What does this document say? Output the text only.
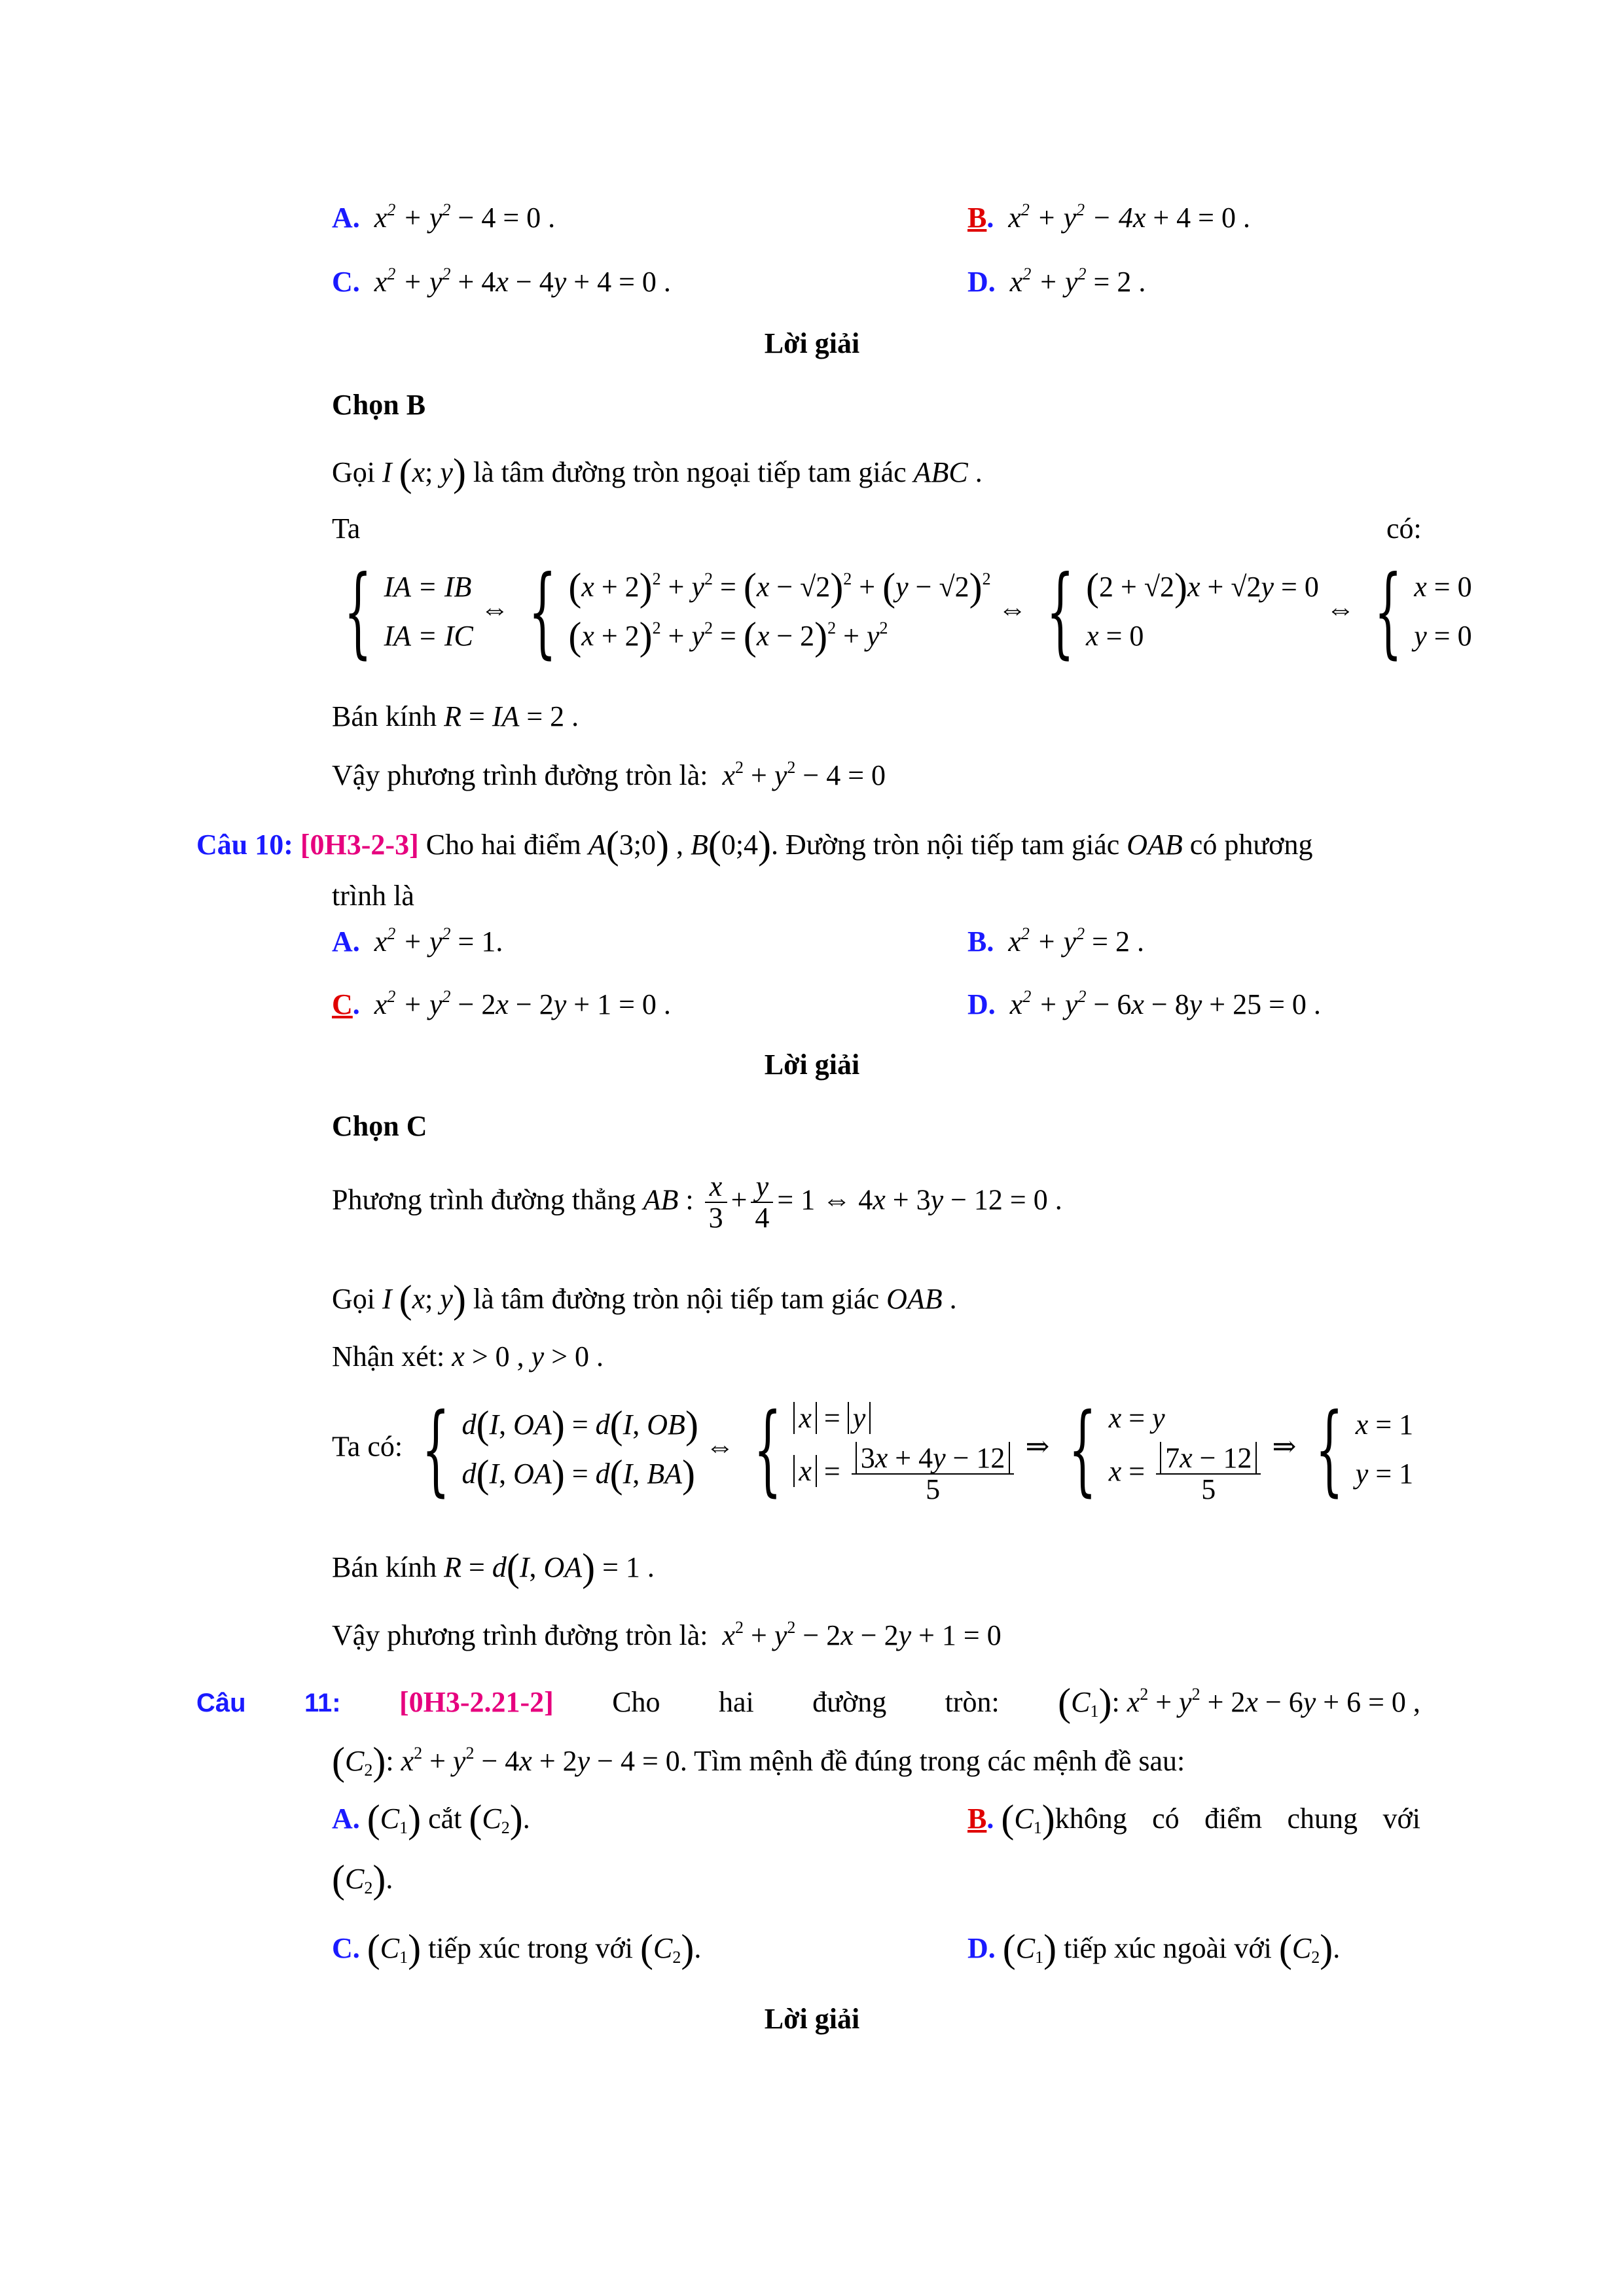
A.  $x^2 + y^2 - 4 = 0$ .	B.  $x^2 + y^2 - 4x + 4 = 0$ .
C.  $x^2 + y^2 + 4x - 4y + 4 = 0$ .	D.  $x^2 + y^2 = 2$ .
Lời giải
Chọn B
Gọi I (x; y) là tâm đường tròn ngoại tiếp tam giác ABC .
Ta	có:
{ IA = IB
IA = IC
⇔ { $(x + 2)^2 + y^2 = (x - √2)^2 + (y - √2)^2$
$(x + 2)^2 + y^2 = (x - 2)^2 + y^2$
⇔ { (2 + √2)x + √2y = 0
x = 0
⇔ { x = 0
y = 0
Bán kính R = IA = 2 .
Vậy phương trình đường tròn là: $x^2 + y^2 - 4 = 0$
Câu 10: [0H3-2-3] Cho hai điểm A(3;0) , B(0;4). Đường tròn nội tiếp tam giác OAB có phương
trình là
A.  $x^2 + y^2 = 1$.	B.  $x^2 + y^2 = 2$ .
C.  $x^2 + y^2 - 2x - 2y + 1 = 0$ .	D.  $x^2 + y^2 - 6x - 8y + 25 = 0$ .
Lời giải
Chọn C
Phương trình đường thẳng AB : $\frac{x}{3} + \frac{y}{4} = 1$ ⇔ 4x + 3y − 12 = 0 .
Gọi I (x; y) là tâm đường tròn nội tiếp tam giác OAB .
Nhận xét: x > 0 , y > 0 .
Ta có: { d(I, OA) = d(I, OB)
d(I, OA) = d(I, BA)
⇔ { x = y
$x = \frac{3x + 4y - 12}{5}$ ⇒ { x = y
$x = \frac{7x - 12}{5}$ ⇒ { x = 1
y = 1
Bán kính R = d(I, OA) = 1 .
Vậy phương trình đường tròn là: $x^2 + y^2 - 2x - 2y + 1 = 0$
Câu 11: [0H3-2.21-2] Cho hai đường tròn: $(C_1)$: $x^2 + y^2 + 2x - 6y + 6 = 0$ ,
$(C_2)$: $x^2 + y^2 - 4x + 2y - 4 = 0$. Tìm mệnh đề đúng trong các mệnh đề sau:
A. $(C_1)$ cắt $(C_2)$.	B. $(C_1)không$ có điểm chung với
$(C_2)$.
C. $(C_1)$ tiếp xúc trong với $(C_2)$.	D. $(C_1)$ tiếp xúc ngoài với $(C_2)$.
Lời giải
